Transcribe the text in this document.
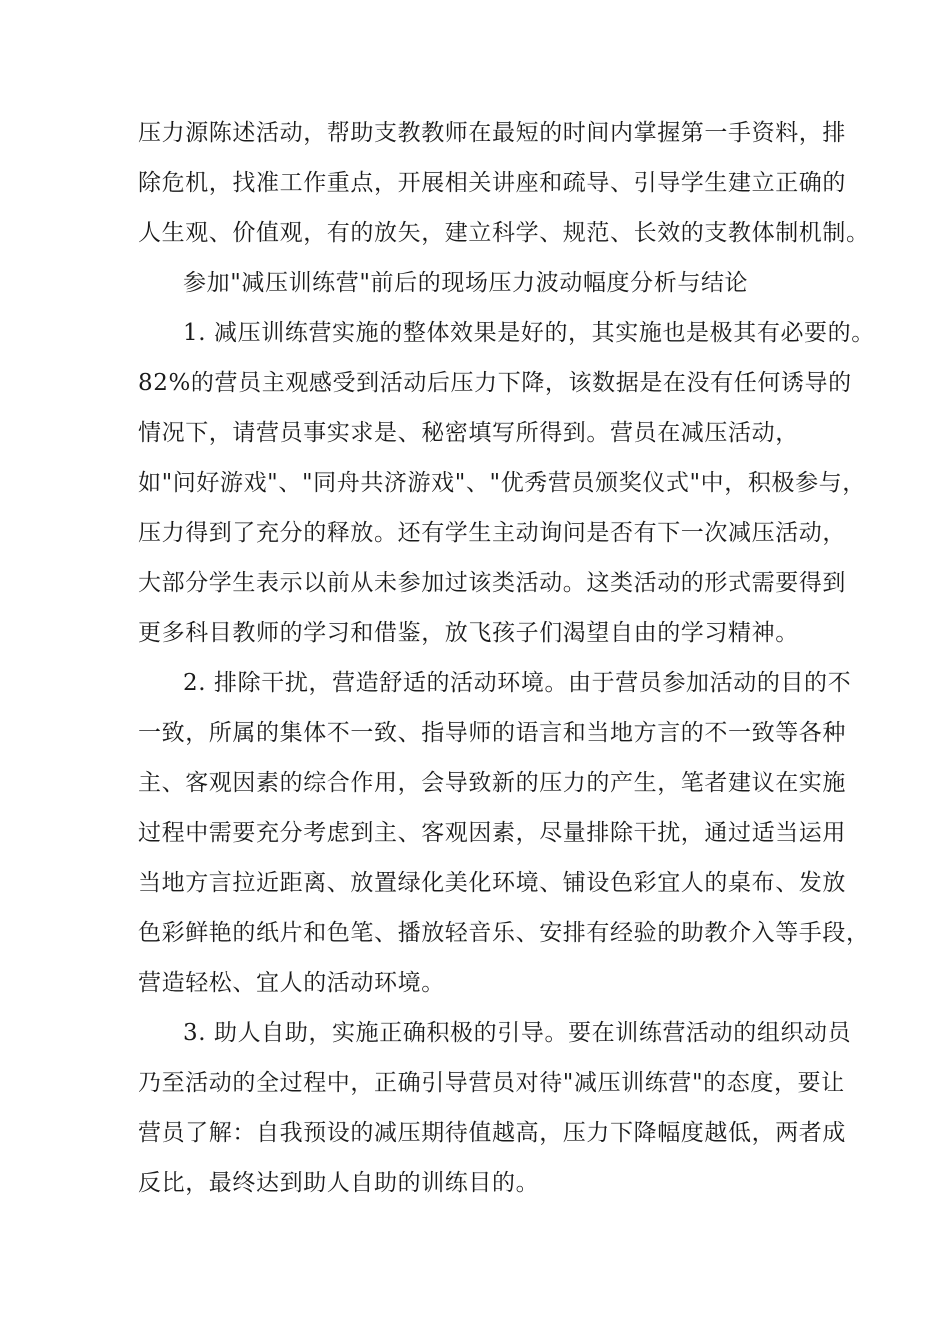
压力源陈述活动，帮助支教教师在最短的时间内掌握第一手资料，排
除危机，找准工作重点，开展相关讲座和疏导、引导学生建立正确的
人生观、价值观，有的放矢，建立科学、规范、长效的支教体制机制。
参加"减压训练营"前后的现场压力波动幅度分析与结论
1. 减压训练营实施的整体效果是好的，其实施也是极其有必要的。
82%的营员主观感受到活动后压力下降，该数据是在没有任何诱导的
情况下，请营员事实求是、秘密填写所得到。营员在减压活动，
如"问好游戏"、"同舟共济游戏"、"优秀营员颁奖仪式"中，积极参与，
压力得到了充分的释放。还有学生主动询问是否有下一次减压活动，
大部分学生表示以前从未参加过该类活动。这类活动的形式需要得到
更多科目教师的学习和借鉴，放飞孩子们渴望自由的学习精神。
2. 排除干扰，营造舒适的活动环境。由于营员参加活动的目的不
一致，所属的集体不一致、指导师的语言和当地方言的不一致等各种
主、客观因素的综合作用，会导致新的压力的产生，笔者建议在实施
过程中需要充分考虑到主、客观因素，尽量排除干扰，通过适当运用
当地方言拉近距离、放置绿化美化环境、铺设色彩宜人的桌布、发放
色彩鲜艳的纸片和色笔、播放轻音乐、安排有经验的助教介入等手段，
营造轻松、宜人的活动环境。
3. 助人自助，实施正确积极的引导。要在训练营活动的组织动员
乃至活动的全过程中，正确引导营员对待"减压训练营"的态度，要让
营员了解：自我预设的减压期待值越高，压力下降幅度越低，两者成
反比，最终达到助人自助的训练目的。
